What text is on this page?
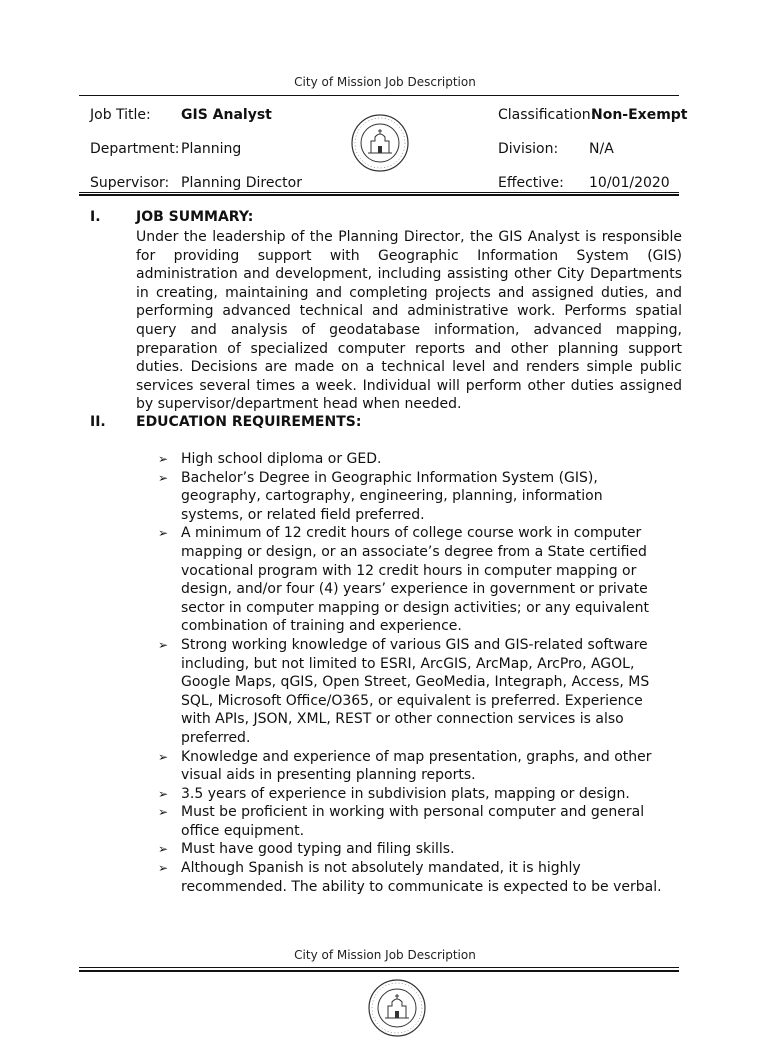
City of Mission Job Description
Job Title: GIS Analyst
Department: Planning
Supervisor: Planning Director
Classification:
Non-Exempt
Division: N/A
Effective: 10/01/2020
I.	JOB SUMMARY:

Under the leadership of the Planning Director, the GIS Analyst is responsible for providing support with Geographic Information System (GIS) administration and development, including assisting other City Departments in creating, maintaining and completing projects and assigned duties, and performing advanced technical and administrative work. Performs spatial query and analysis of geodatabase information, advanced mapping, preparation of specialized computer reports and other planning support duties. Decisions are made on a technical level and renders simple public services several times a week. Individual will perform other duties assigned by supervisor/department head when needed.

II. EDUCATION REQUIREMENTS:
➢ High school diploma or GED.
➢ Bachelor’s Degree in Geographic Information System (GIS), geography, cartography, engineering, planning, information systems, or related field preferred.
➢ A minimum of 12 credit hours of college course work in computer mapping or design, or an associate’s degree from a State certified vocational program with 12 credit hours in computer mapping or design, and/or four (4) years’ experience in government or private sector in computer mapping or design activities; or any equivalent combination of training and experience.
➢ Strong working knowledge of various GIS and GIS-related software including, but not limited to ESRI, ArcGIS, ArcMap, ArcPro, AGOL, Google Maps, qGIS, Open Street, GeoMedia, Integraph, Access, MS SQL, Microsoft Office/O365, or equivalent is preferred. Experience with APIs, JSON, XML, REST or other connection services is also preferred.
➢ Knowledge and experience of map presentation, graphs, and other visual aids in presenting planning reports.
➢ 3.5 years of experience in subdivision plats, mapping or design.
➢ Must be proficient in working with personal computer and general office equipment.
➢ Must have good typing and filing skills.
➢ Although Spanish is not absolutely mandated, it is highly recommended. The ability to communicate is expected to be verbal.
City of Mission Job Description
